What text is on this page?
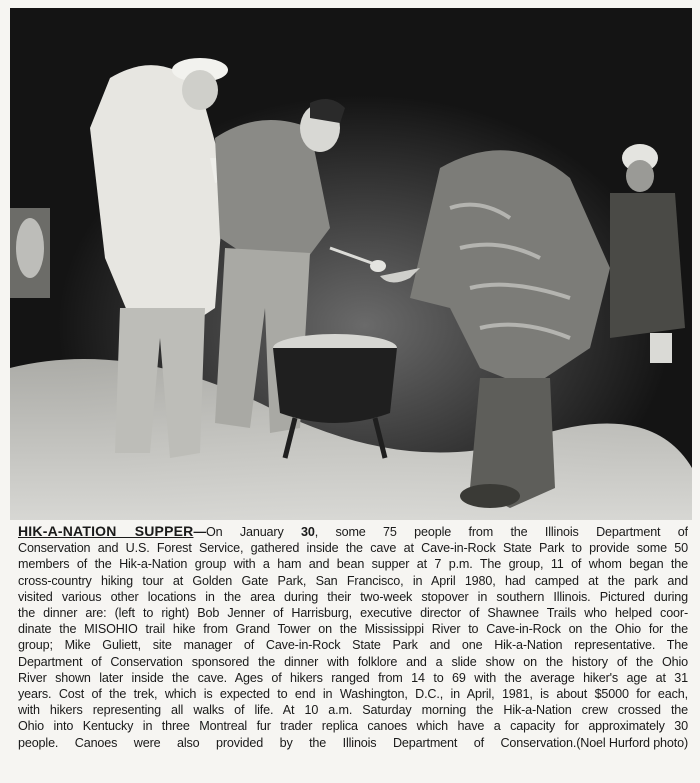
HIK-A-NATION SUPPER—On January 30, some 75 people from the Illinois Department of
Conservation and U.S. Forest Service, gathered inside the cave at Cave-in-Rock State Park to provide some 50
members of the Hik-a-Nation group with a ham and bean supper at 7 p.m. The group, 11 of whom began the
cross-country hiking tour at Golden Gate Park, San Francisco, in April 1980, had camped at the park and
visited various other locations in the area during their two-week stopover in southern Illinois. Pictured during
the dinner are: (left to right) Bob Jenner of Harrisburg, executive director of Shawnee Trails who helped coor-
dinate the MISOHIO trail hike from Grand Tower on the Mississippi River to Cave-in-Rock on the Ohio for the
group; Mike Guliett, site manager of Cave-in-Rock State Park and one Hik-a-Nation representative. The
Department of Conservation sponsored the dinner with folklore and a slide show on the history of the Ohio
River shown later inside the cave. Ages of hikers ranged from 14 to 69 with the average hiker's age at 31
years. Cost of the trek, which is expected to end in Washington, D.C., in April, 1981, is about $5000 for each,
with hikers representing all walks of life. At 10 a.m. Saturday morning the Hik-a-Nation crew crossed the
Ohio into Kentucky in three Montreal fur trader replica canoes which have a capacity for approximately 30
people. Canoes were also provided by the Illinois Department of Conservation. (Noel Hurford photo)
